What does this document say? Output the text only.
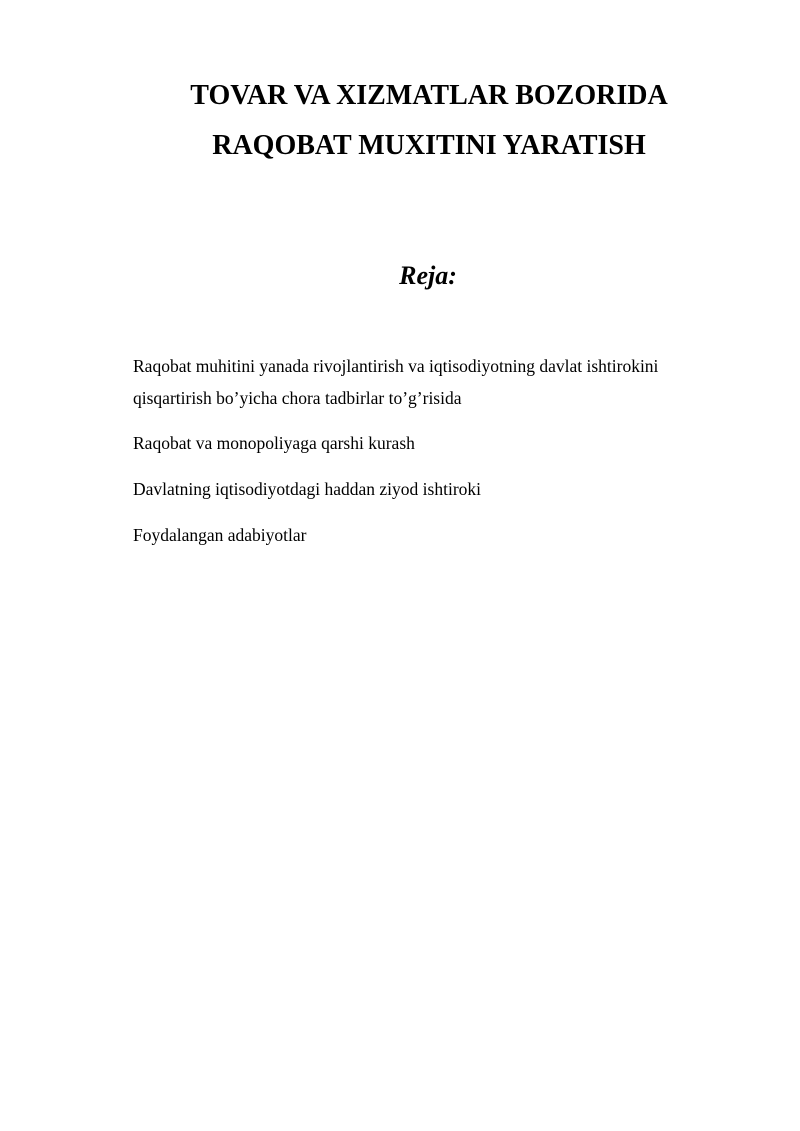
TOVAR VA XIZMATLAR BOZORIDA
RAQOBAT MUXITINI YARATISH
Reja:
Raqobat muhitini yanada rivojlantirish va iqtisodiyotning davlat ishtirokini qisqartirish bo’yicha chora tadbirlar to’g’risida
Raqobat va monopoliyaga qarshi kurash
Davlatning iqtisodiyotdagi haddan ziyod ishtiroki
Foydalangan adabiyotlar
